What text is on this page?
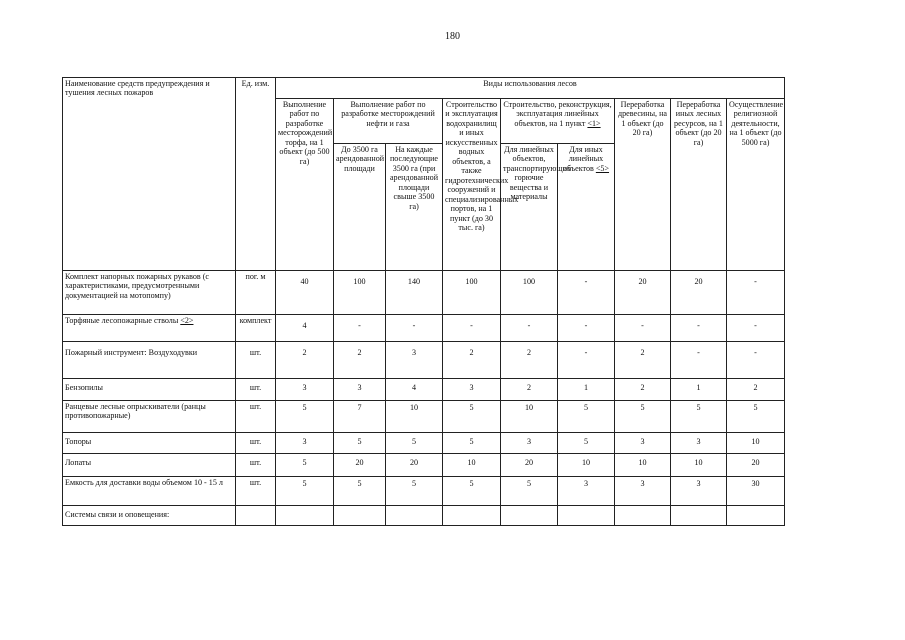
180
Наименование средств предупреждения и тушения лесных пожаров	Ед. изм.	Виды использования лесов								
		Выполнение работ по разработке месторождений торфа, на 1 объект (до 500 га)	Выполнение работ по разработке месторождений нефти и газа		Строительство и эксплуатация водохранилищ и иных искусственных водных объектов, а также гидротехнических сооружений и специализированных портов, на 1 пункт (до 30 тыс. га)	Строительство, реконструкция, эксплуатация линейных объектов, на 1 пункт <1>		Переработка древесины, на 1 объект (до 20 га)	Переработка иных лесных ресурсов, на 1 объект (до 20 га)	Осуществление религиозной деятельности, на 1 объект (до 5000 га)
			До 3500 га арендованной площади	На каждые последующие 3500 га (при арендованной площади свыше 3500 га)		Для линейных объектов, транспортирующих горючие вещества и материалы	Для иных линейных объектов <5>			
Комплект напорных пожарных рукавов (с характеристиками, предусмотренными документацией на мотопомпу)	пог. м	40	100	140	100	100	-	20	20	-
Торфяные лесопожарные стволы <2>	комплект	4	-	-	-	-	-	-	-	-
Пожарный инструмент: Воздуходувки	шт.	2	2	3	2	2	-	2	-	-
Бензопилы	шт.	3	3	4	3	2	1	2	1	2
Ранцевые лесные опрыскиватели (ранцы противопожарные)	шт.	5	7	10	5	10	5	5	5	5
Топоры	шт.	3	5	5	5	3	5	3	3	10
Лопаты	шт.	5	20	20	10	20	10	10	10	20
Емкость для доставки воды объемом 10 - 15 л	шт.	5	5	5	5	5	3	3	3	30
Системы связи и оповещения:										
